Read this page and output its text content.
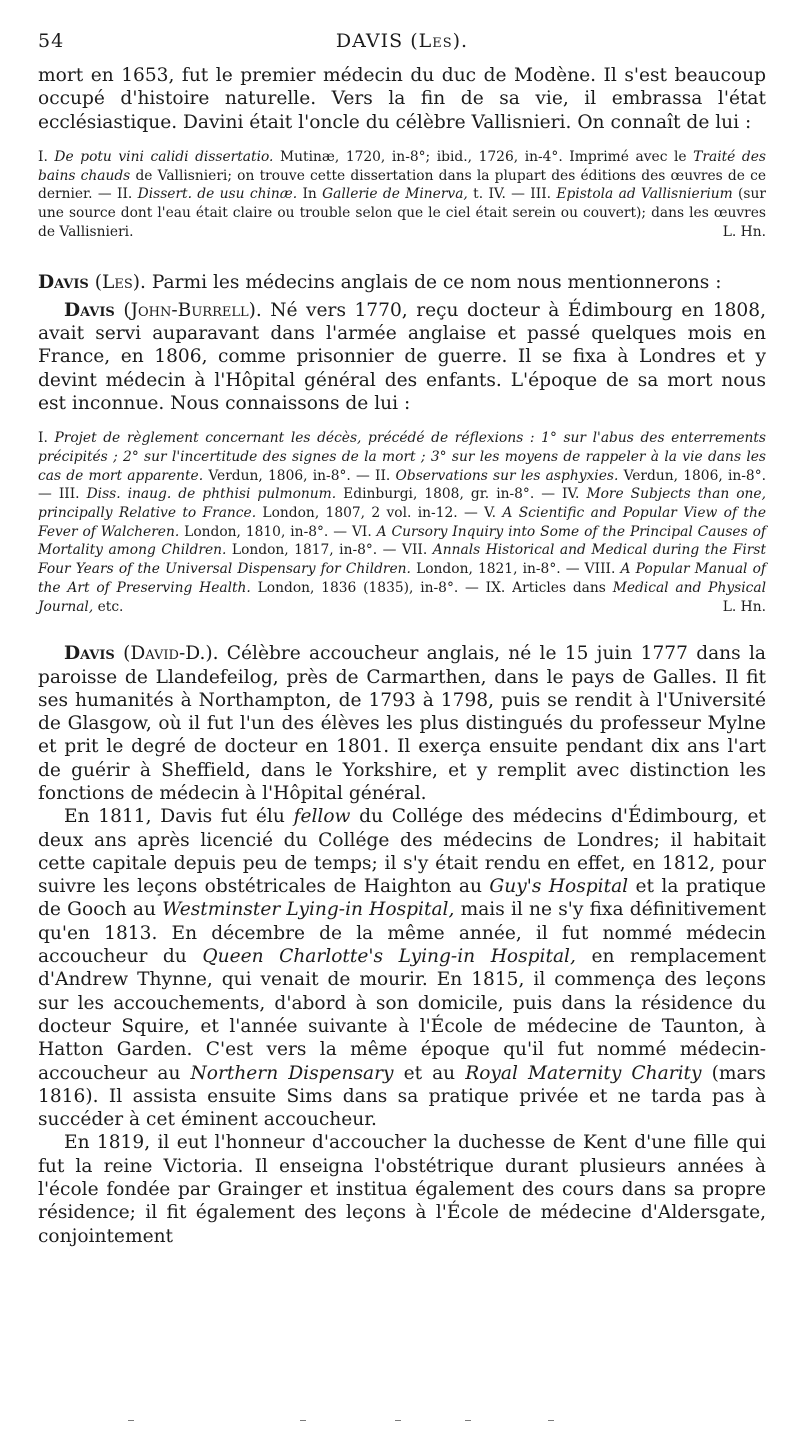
54	DAVIS (Les).

mort en 1653, fut le premier médecin du duc de Modène. Il s'est beaucoup occupé d'histoire naturelle. Vers la fin de sa vie, il embrassa l'état ecclésiastique. Davini était l'oncle du célèbre Vallisnieri. On connaît de lui :

I. De potu vini calidi dissertatio. Mutinæ, 1720, in-8°; ibid., 1726, in-4°. Imprimé avec le Traité des bains chauds de Vallisnieri; on trouve cette dissertation dans la plupart des éditions des œuvres de ce dernier. — II. Dissert. de usu chinæ. In Gallerie de Minerva, t. IV. — III. Epistola ad Vallisnierium (sur une source dont l'eau était claire ou trouble selon que le ciel était serein ou couvert); dans les œuvres de Vallisnieri.	L. Hn.

Davis (Les). Parmi les médecins anglais de ce nom nous mentionnerons :

Davis (John-Burrell). Né vers 1770, reçu docteur à Édimbourg en 1808, avait servi auparavant dans l'armée anglaise et passé quelques mois en France, en 1806, comme prisonnier de guerre. Il se fixa à Londres et y devint médecin à l'Hôpital général des enfants. L'époque de sa mort nous est inconnue. Nous connaissons de lui :

I. Projet de règlement concernant les décès, précédé de réflexions : 1° sur l'abus des enterrements précipités ; 2° sur l'incertitude des signes de la mort ; 3° sur les moyens de rappeler à la vie dans les cas de mort apparente. Verdun, 1806, in-8°. — II. Observations sur les asphyxies. Verdun, 1806, in-8°. — III. Diss. inaug. de phthisi pulmonum. Edinburgi, 1808, gr. in-8°. — IV. More Subjects than one, principally Relative to France. London, 1807, 2 vol. in-12. — V. A Scientific and Popular View of the Fever of Walcheren. London, 1810, in-8°. — VI. A Cursory Inquiry into Some of the Principal Causes of Mortality among Children. London, 1817, in-8°. — VII. Annals Historical and Medical during the First Four Years of the Universal Dispensary for Children. London, 1821, in-8°. — VIII. A Popular Manual of the Art of Preserving Health. London, 1836 (1835), in-8°. — IX. Articles dans Medical and Physical Journal, etc.	L. Hn.

Davis (David-D.). Célèbre accoucheur anglais, né le 15 juin 1777 dans la paroisse de Llandefeilog, près de Carmarthen, dans le pays de Galles. Il fit ses humanités à Northampton, de 1793 à 1798, puis se rendit à l'Université de Glasgow, où il fut l'un des élèves les plus distingués du professeur Mylne et prit le degré de docteur en 1801. Il exerça ensuite pendant dix ans l'art de guérir à Sheffield, dans le Yorkshire, et y remplit avec distinction les fonctions de médecin à l'Hôpital général.

En 1811, Davis fut élu fellow du Collége des médecins d'Édimbourg, et deux ans après licencié du Collége des médecins de Londres; il habitait cette capitale depuis peu de temps; il s'y était rendu en effet, en 1812, pour suivre les leçons obstétricales de Haighton au Guy's Hospital et la pratique de Gooch au Westminster Lying-in Hospital, mais il ne s'y fixa définitivement qu'en 1813. En décembre de la même année, il fut nommé médecin accoucheur du Queen Charlotte's Lying-in Hospital, en remplacement d'Andrew Thynne, qui venait de mourir. En 1815, il commença des leçons sur les accouchements, d'abord à son domicile, puis dans la résidence du docteur Squire, et l'année suivante à l'École de médecine de Taunton, à Hatton Garden. C'est vers la même époque qu'il fut nommé médecin-accoucheur au Northern Dispensary et au Royal Maternity Charity (mars 1816). Il assista ensuite Sims dans sa pratique privée et ne tarda pas à succéder à cet éminent accoucheur.

En 1819, il eut l'honneur d'accoucher la duchesse de Kent d'une fille qui fut la reine Victoria. Il enseigna l'obstétrique durant plusieurs années à l'école fondée par Grainger et institua également des cours dans sa propre résidence; il fit également des leçons à l'École de médecine d'Aldersgate, conjointement
